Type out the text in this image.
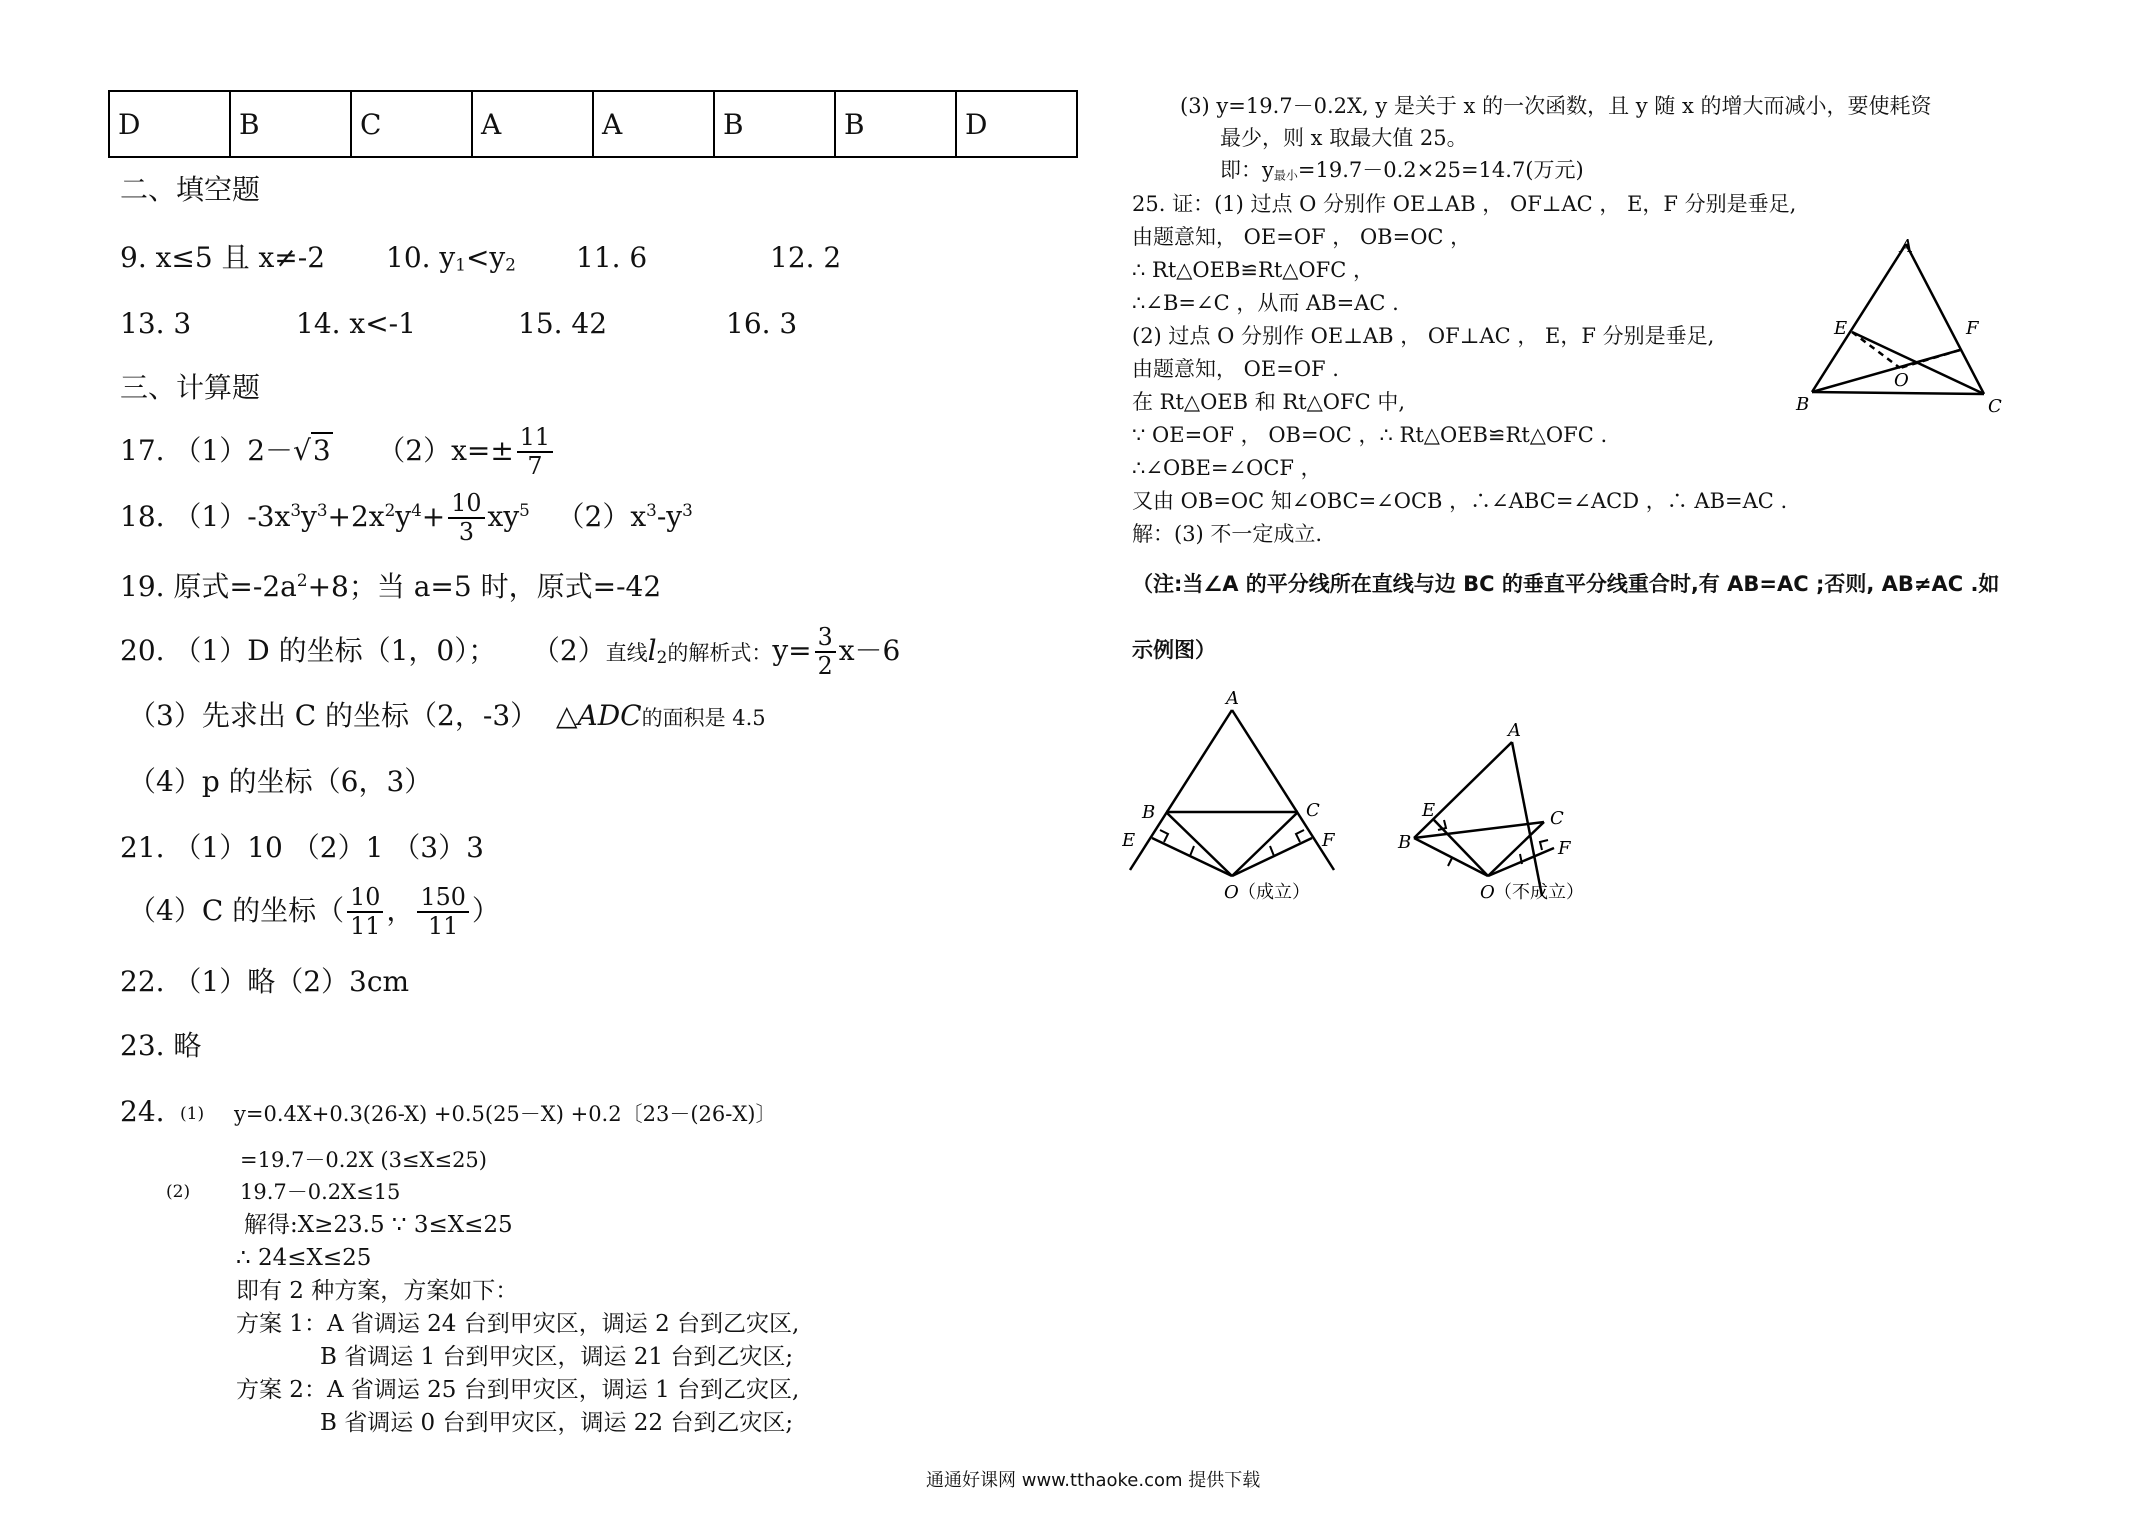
D	B	C	A	A	B	B	D
二、填空题
9. x≤5 且 x≠-2 10. y1<y2 11. 6	12. 2
13. 3	14. x<-1	15. 42	16. 3
三、计算题
17. （1）2－√3 $(2)x=\pm \frac{11}{7}$
18. $(1)-3x^3y^3+2x^2y^4+ \frac{10}{3} xy^5$ $(2)x^3-y^3$
19. 原式$=-2a^2+8$；当 a=5 时，原式=-42
20. （1）D 的坐标（1，0）； （2）直线l2的解析式：$y= \frac{3}{2} x-6$
（3）先求出 C 的坐标（2，-3） △ADC的面积是 4.5
（4）p 的坐标（6，3）
21. （1）10 （2）1 （3）3
（4）C 的坐标（ $\frac{10}{11}$ ， $\frac{150}{11}$ ）
22. （1）略（2）3cm
23. 略
24. (1) y=0.4X+0.3(26-X) +0.5(25－X) +0.2〔23－(26-X)〕
=19.7－0.2X (3≤X≤25)
(2) 19.7－0.2X≤15
解得:X≥23.5 ∵ 3≤X≤25
∴ 24≤X≤25
即有 2 种方案，方案如下：
方案 1：A 省调运 24 台到甲灾区，调运 2 台到乙灾区,
B 省调运 1 台到甲灾区，调运 21 台到乙灾区;
方案 2：A 省调运 25 台到甲灾区，调运 1 台到乙灾区,
B 省调运 0 台到甲灾区，调运 22 台到乙灾区;
(3) y=19.7－0.2X, y 是关于 x 的一次函数，且 y 随 x 的增大而减小，要使耗资
最少，则 x 取最大值 25。
即：y最小=19.7－0.2×25=14.7(万元)
25. 证：(1) 过点 O 分别作 OE⊥AB ， OF⊥AC ， E，F 分别是垂足,
由题意知， OE=OF ， OB=OC ，
∴ Rt△OEB≌Rt△OFC ，
∴∠B=∠C ，从而 AB=AC .
(2) 过点 O 分别作 OE⊥AB ， OF⊥AC ， E，F 分别是垂足,
由题意知， OE=OF .
在 Rt△OEB 和 Rt△OFC 中,
∵ OE=OF ， OB=OC ，∴ Rt△OEB≌Rt△OFC .
∴∠OBE=∠OCF ，
又由 OB=OC 知∠OBC=∠OCB ，∴∠ABC=∠ACD ，∴ AB=AC .
解：(3) 不一定成立.
（注:当∠A 的平分线所在直线与边 BC 的垂直平分线重合时,有 AB=AC ;否则, AB≠AC .如
示例图）
A
B	C
E	F
O
A
B	C
E	F
O （成立）
A
B
C
E
F
O （不成立）
通通好课网 www.tthaoke.com 提供下载
